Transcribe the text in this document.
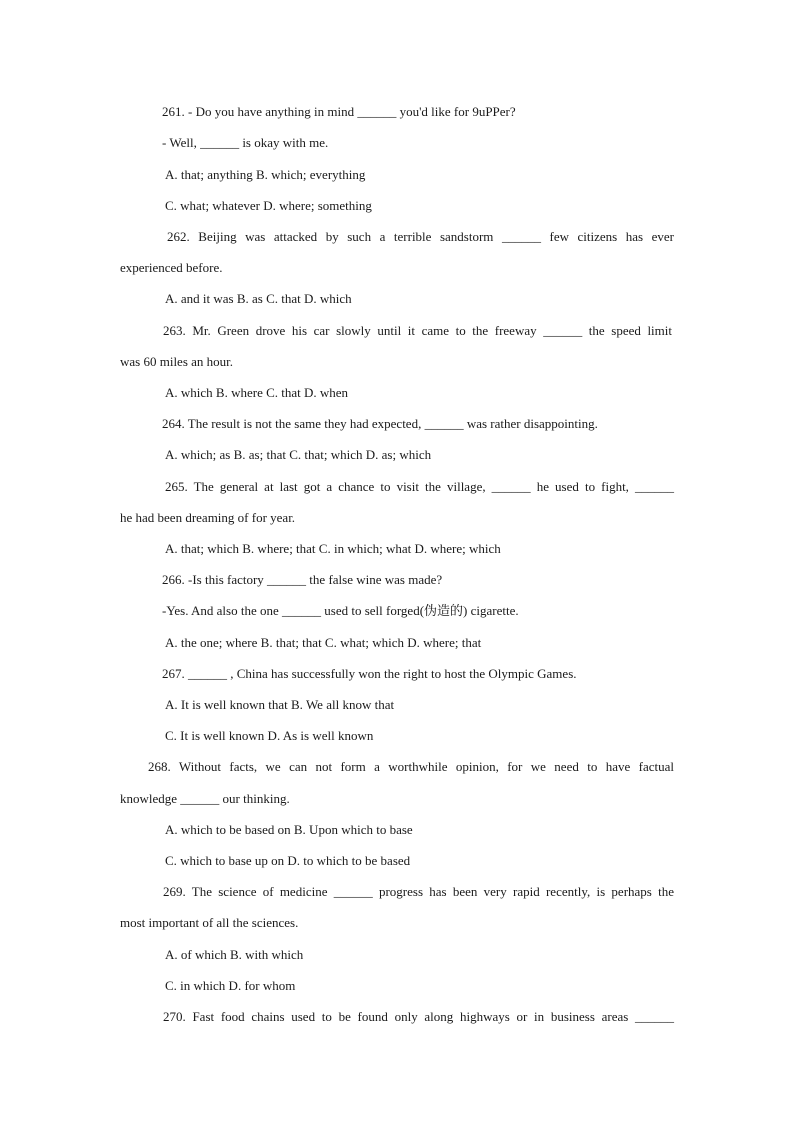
261. - Do you have anything in mind ______ you'd like for 9uPPer?
- Well, ______ is okay with me.
A. that; anything B. which; everything
C. what; whatever D. where; something
262. Beijing was attacked by such a terrible sandstorm ______ few citizens has ever
experienced before.
A. and it was B. as C. that D. which
263. Mr. Green drove his car slowly until it came to the freeway ______ the speed limit
was 60 miles an hour.
A. which B. where C. that D. when
264. The result is not the same they had expected, ______ was rather disappointing.
A. which; as B. as; that C. that; which D. as; which
265. The general at last got a chance to visit the village, ______ he used to fight, ______
he had been dreaming of for year.
A. that; which B. where; that C. in which; what D. where; which
266. -Is this factory ______ the false wine was made?
-Yes. And also the one ______ used to sell forged(伪造的) cigarette.
A. the one; where B. that; that C. what; which D. where; that
267. ______ , China has successfully won the right to host the Olympic Games.
A. It is well known that B. We all know that
C. It is well known D. As is well known
268. Without facts, we can not form a worthwhile opinion, for we need to have factual
knowledge ______ our thinking.
A. which to be based on B. Upon which to base
C. which to base up on D. to which to be based
269. The science of medicine ______ progress has been very rapid recently, is perhaps the
most important of all the sciences.
A. of which B. with which
C. in which D. for whom
270. Fast food chains used to be found only along highways or in business areas ______
